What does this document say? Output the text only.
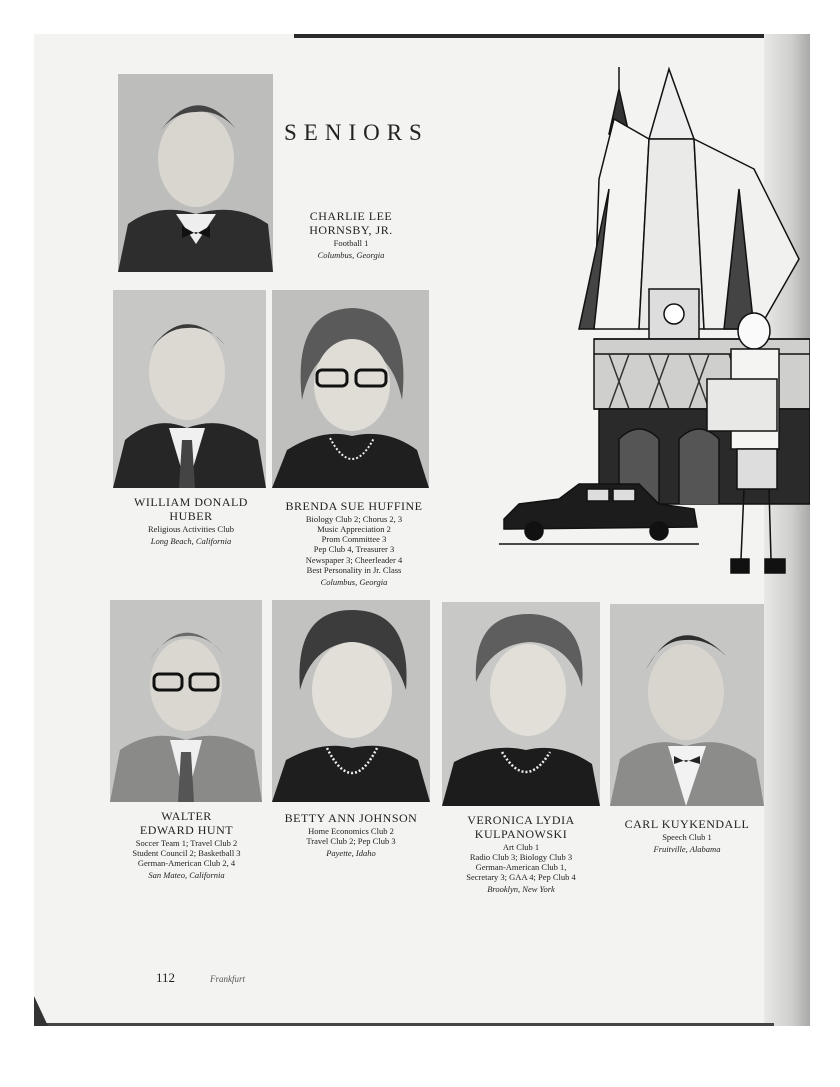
SENIORS
CHARLIE LEE
HORNSBY, JR.
Football 1
Columbus, Georgia
WILLIAM DONALD
HUBER
Religious Activities Club
Long Beach, California
BRENDA SUE HUFFINE
Biology Club 2; Chorus 2, 3
Music Appreciation 2
Prom Committee 3
Pep Club 4, Treasurer 3
Newspaper 3; Cheerleader 4
Best Personality in Jr. Class
Columbus, Georgia
WALTER
EDWARD HUNT
Soccer Team 1; Travel Club 2
Student Council 2; Basketball 3
German-American Club 2, 4
San Mateo, California
BETTY ANN JOHNSON
Home Economics Club 2
Travel Club 2; Pep Club 3
Payette, Idaho
VERONICA LYDIA
KULPANOWSKI
Art Club 1
Radio Club 3; Biology Club 3
German-American Club 1,
Secretary 3; GAA 4; Pep Club 4
Brooklyn, New York
CARL KUYKENDALL
Speech Club 1
Fruitville, Alabama
112	Frankfurt
